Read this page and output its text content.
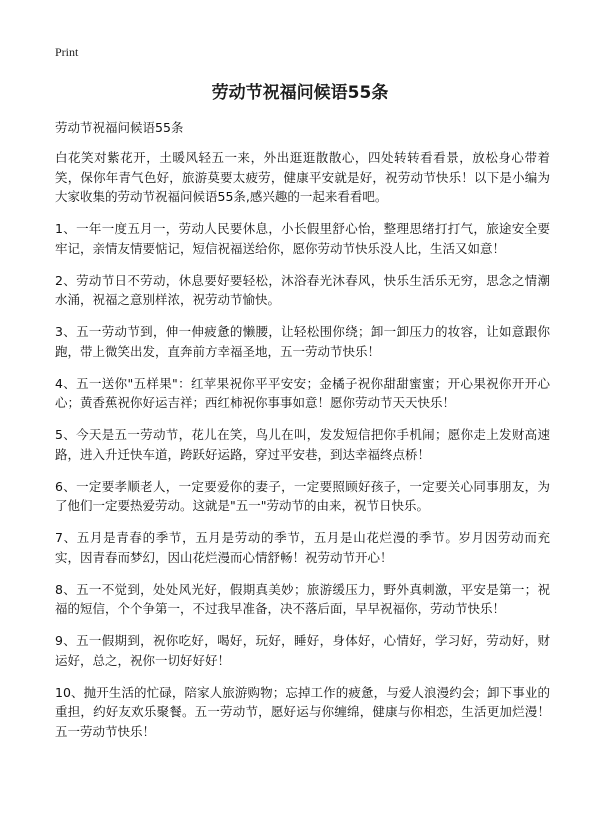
Print
劳动节祝福问候语55条

劳动节祝福问候语55条

白花笑对紫花开，土暖风轻五一来，外出逛逛散散心，四处转转看看景，放松身心带着笑，保你年青气色好，旅游莫要太疲劳，健康平安就是好，祝劳动节快乐！以下是小编为大家收集的劳动节祝福问候语55条,感兴趣的一起来看看吧。

1、一年一度五月一，劳动人民要休息，小长假里舒心怡，整理思绪打打气，旅途安全要牢记，亲情友情要惦记，短信祝福送给你，愿你劳动节快乐没人比，生活又如意！

2、劳动节日不劳动，休息要好要轻松，沐浴春光沐春风，快乐生活乐无穷，思念之情潮水涌，祝福之意别样浓，祝劳动节愉快。

3、五一劳动节到，伸一伸疲惫的懒腰，让轻松围你绕；卸一卸压力的妆容，让如意跟你跑，带上微笑出发，直奔前方幸福圣地，五一劳动节快乐！

4、五一送你"五样果"：红苹果祝你平平安安；金橘子祝你甜甜蜜蜜；开心果祝你开开心心；黄香蕉祝你好运吉祥；西红柿祝你事事如意！愿你劳动节天天快乐！

5、今天是五一劳动节，花儿在笑，鸟儿在叫，发发短信把你手机闹；愿你走上发财高速路，进入升迁快车道，跨跃好运路，穿过平安巷，到达幸福终点桥！

6、一定要孝顺老人，一定要爱你的妻子，一定要照顾好孩子，一定要关心同事朋友，为了他们一定要热爱劳动。这就是"五一"劳动节的由来，祝节日快乐。

7、五月是青春的季节，五月是劳动的季节，五月是山花烂漫的季节。岁月因劳动而充实，因青春而梦幻，因山花烂漫而心情舒畅！祝劳动节开心！

8、五一不觉到，处处风光好，假期真美妙；旅游缓压力，野外真刺激，平安是第一；祝福的短信，个个争第一，不过我早准备，决不落后面，早早祝福你，劳动节快乐！

9、五一假期到，祝你吃好，喝好，玩好，睡好，身体好，心情好，学习好，劳动好，财运好，总之，祝你一切好好好！

10、抛开生活的忙碌，陪家人旅游购物；忘掉工作的疲惫，与爱人浪漫约会；卸下事业的重担，约好友欢乐聚餐。五一劳动节，愿好运与你缠绵，健康与你相恋，生活更加烂漫！五一劳动节快乐！
